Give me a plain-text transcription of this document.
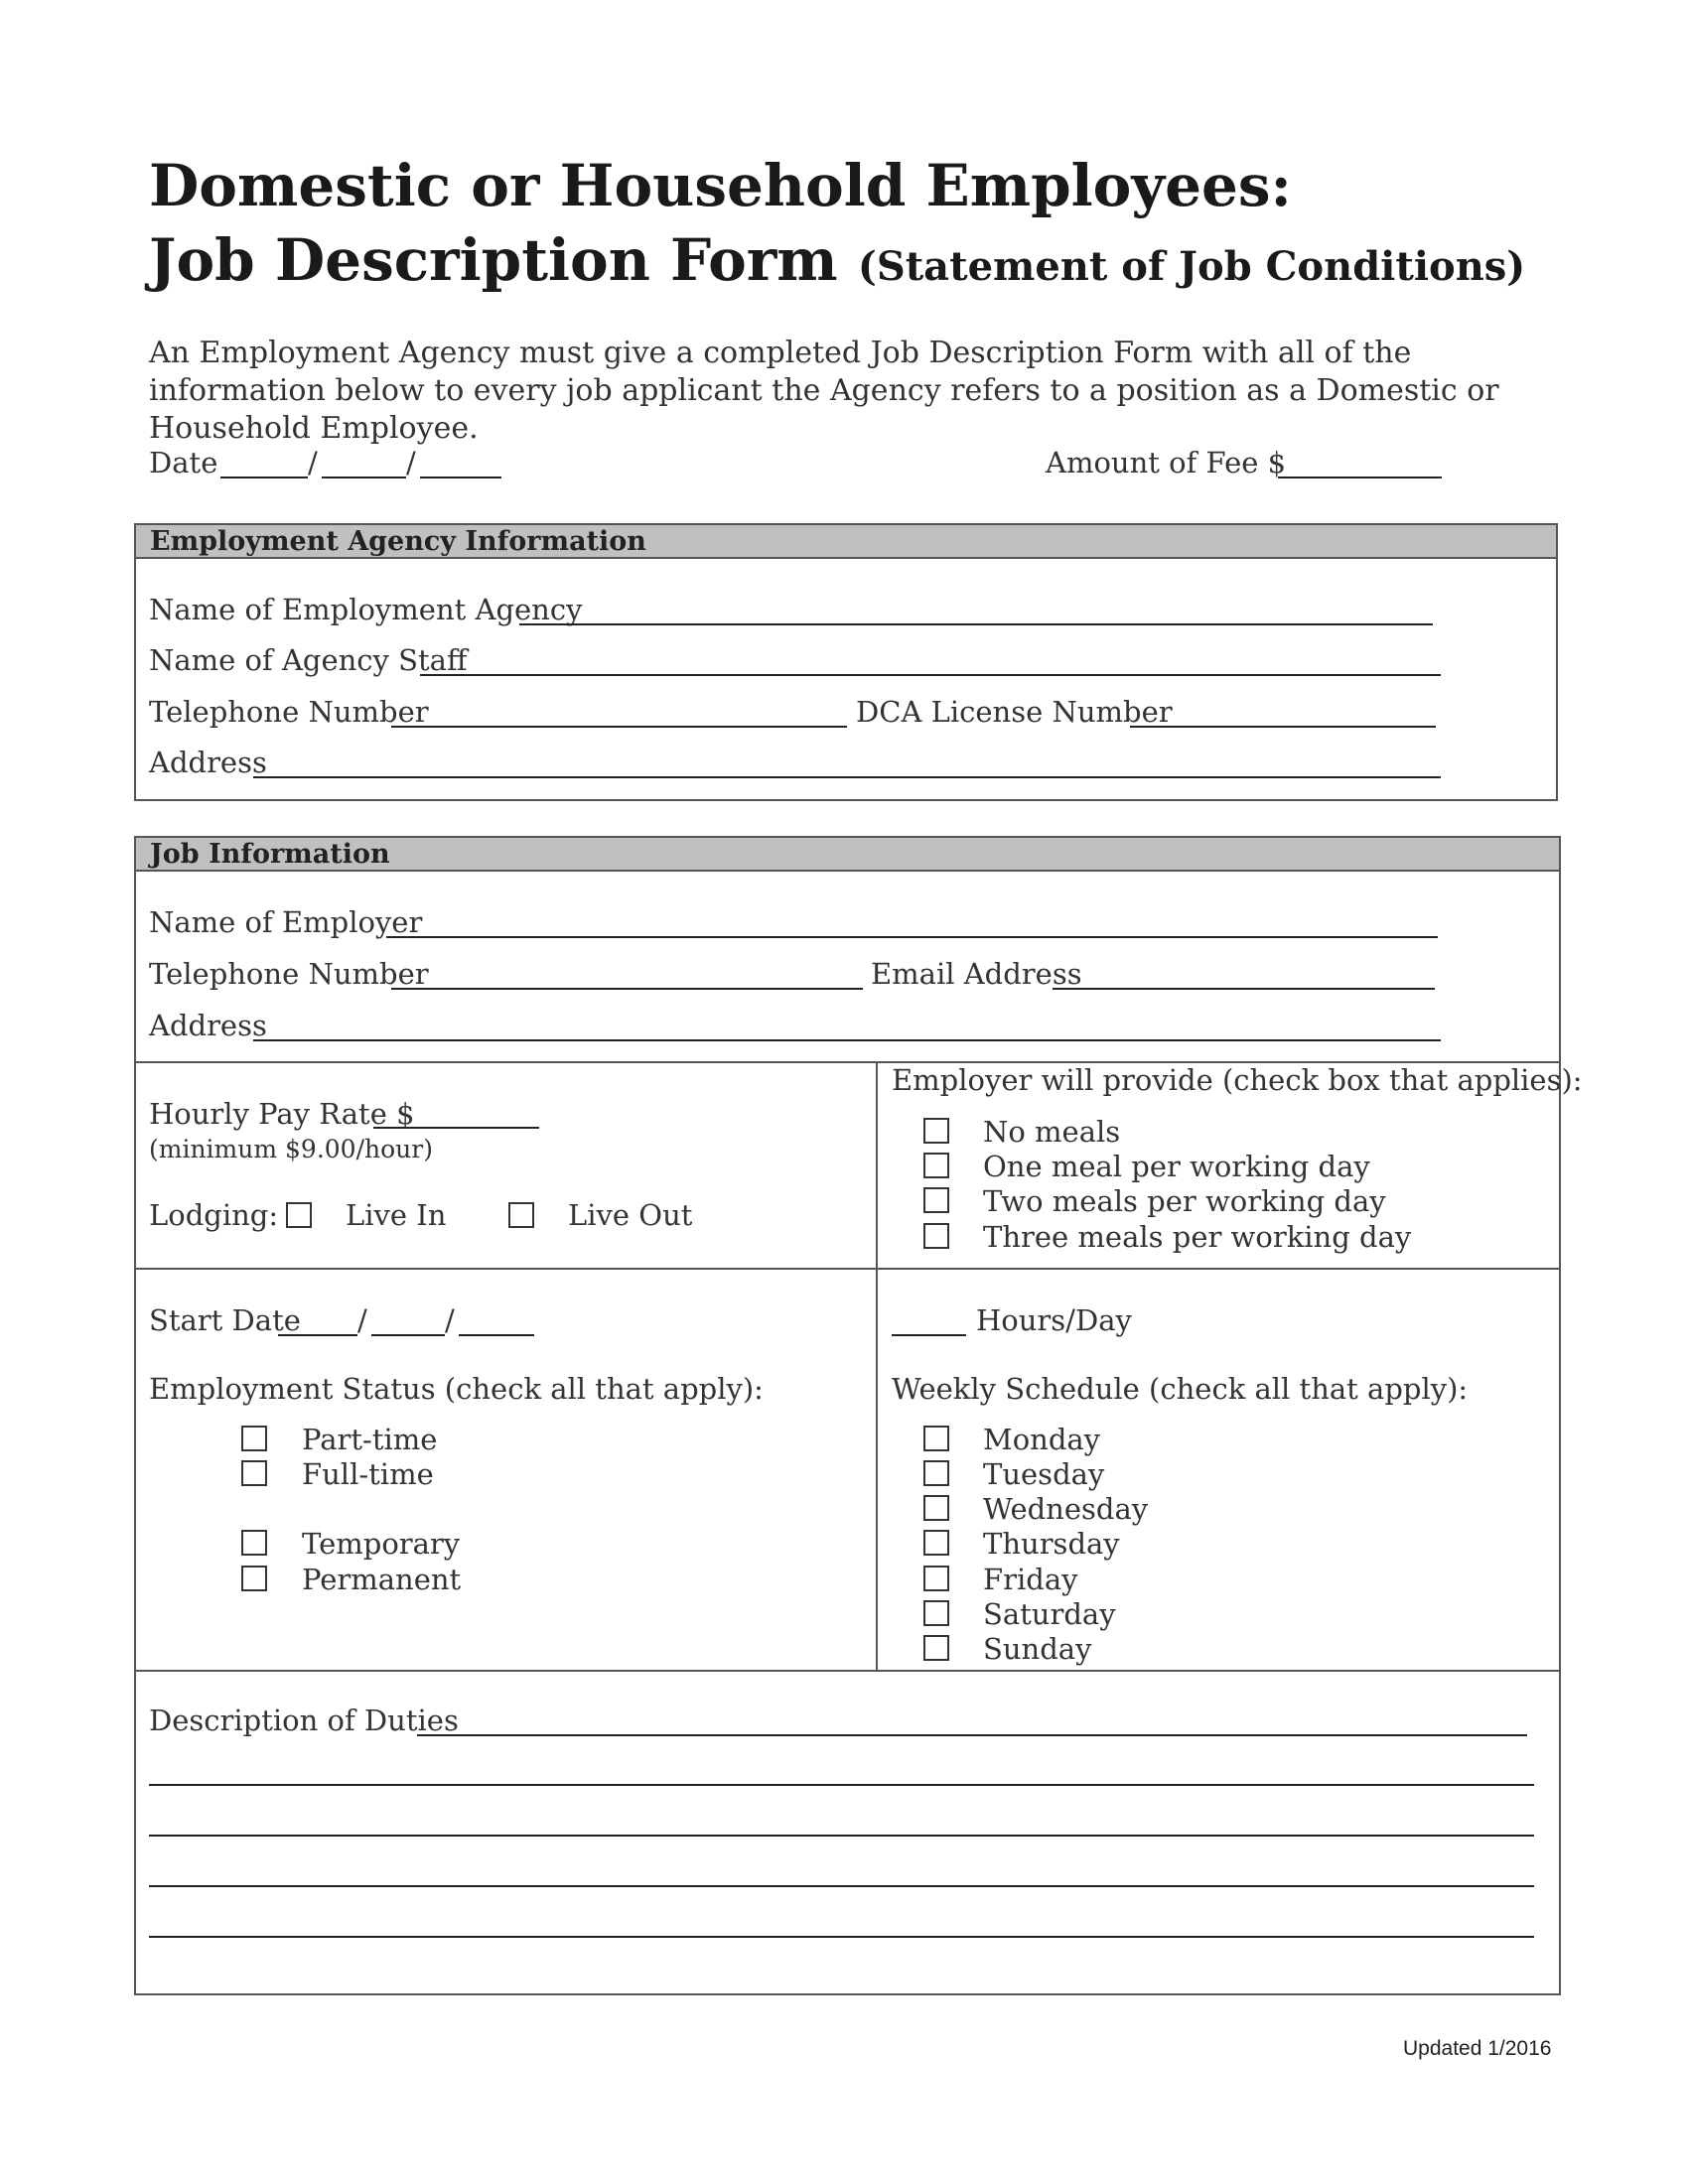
Domestic or Household Employees:
Job Description Form (Statement of Job Conditions)
An Employment Agency must give a completed Job Description Form with all of the information below to every job applicant the Agency refers to a position as a Domestic or Household Employee.
Date	/	/	Amount of Fee $
Employment Agency Information
Name of Employment Agency
Name of Agency Staff
Telephone Number	DCA License Number
Address
Job Information
Name of Employer
Telephone Number	Email Address
Address
Hourly Pay Rate $
(minimum $9.00/hour)
Lodging: Live In	Live Out
Employer will provide (check box that applies):
No meals
One meal per working day
Two meals per working day
Three meals per working day
Start Date /	/
Employment Status (check all that apply):
Part-time
Full-time
Temporary
Permanent
Hours/Day
Weekly Schedule (check all that apply):
Monday
Tuesday
Wednesday
Thursday
Friday
Saturday
Sunday
Description of Duties
Updated 1/2016
